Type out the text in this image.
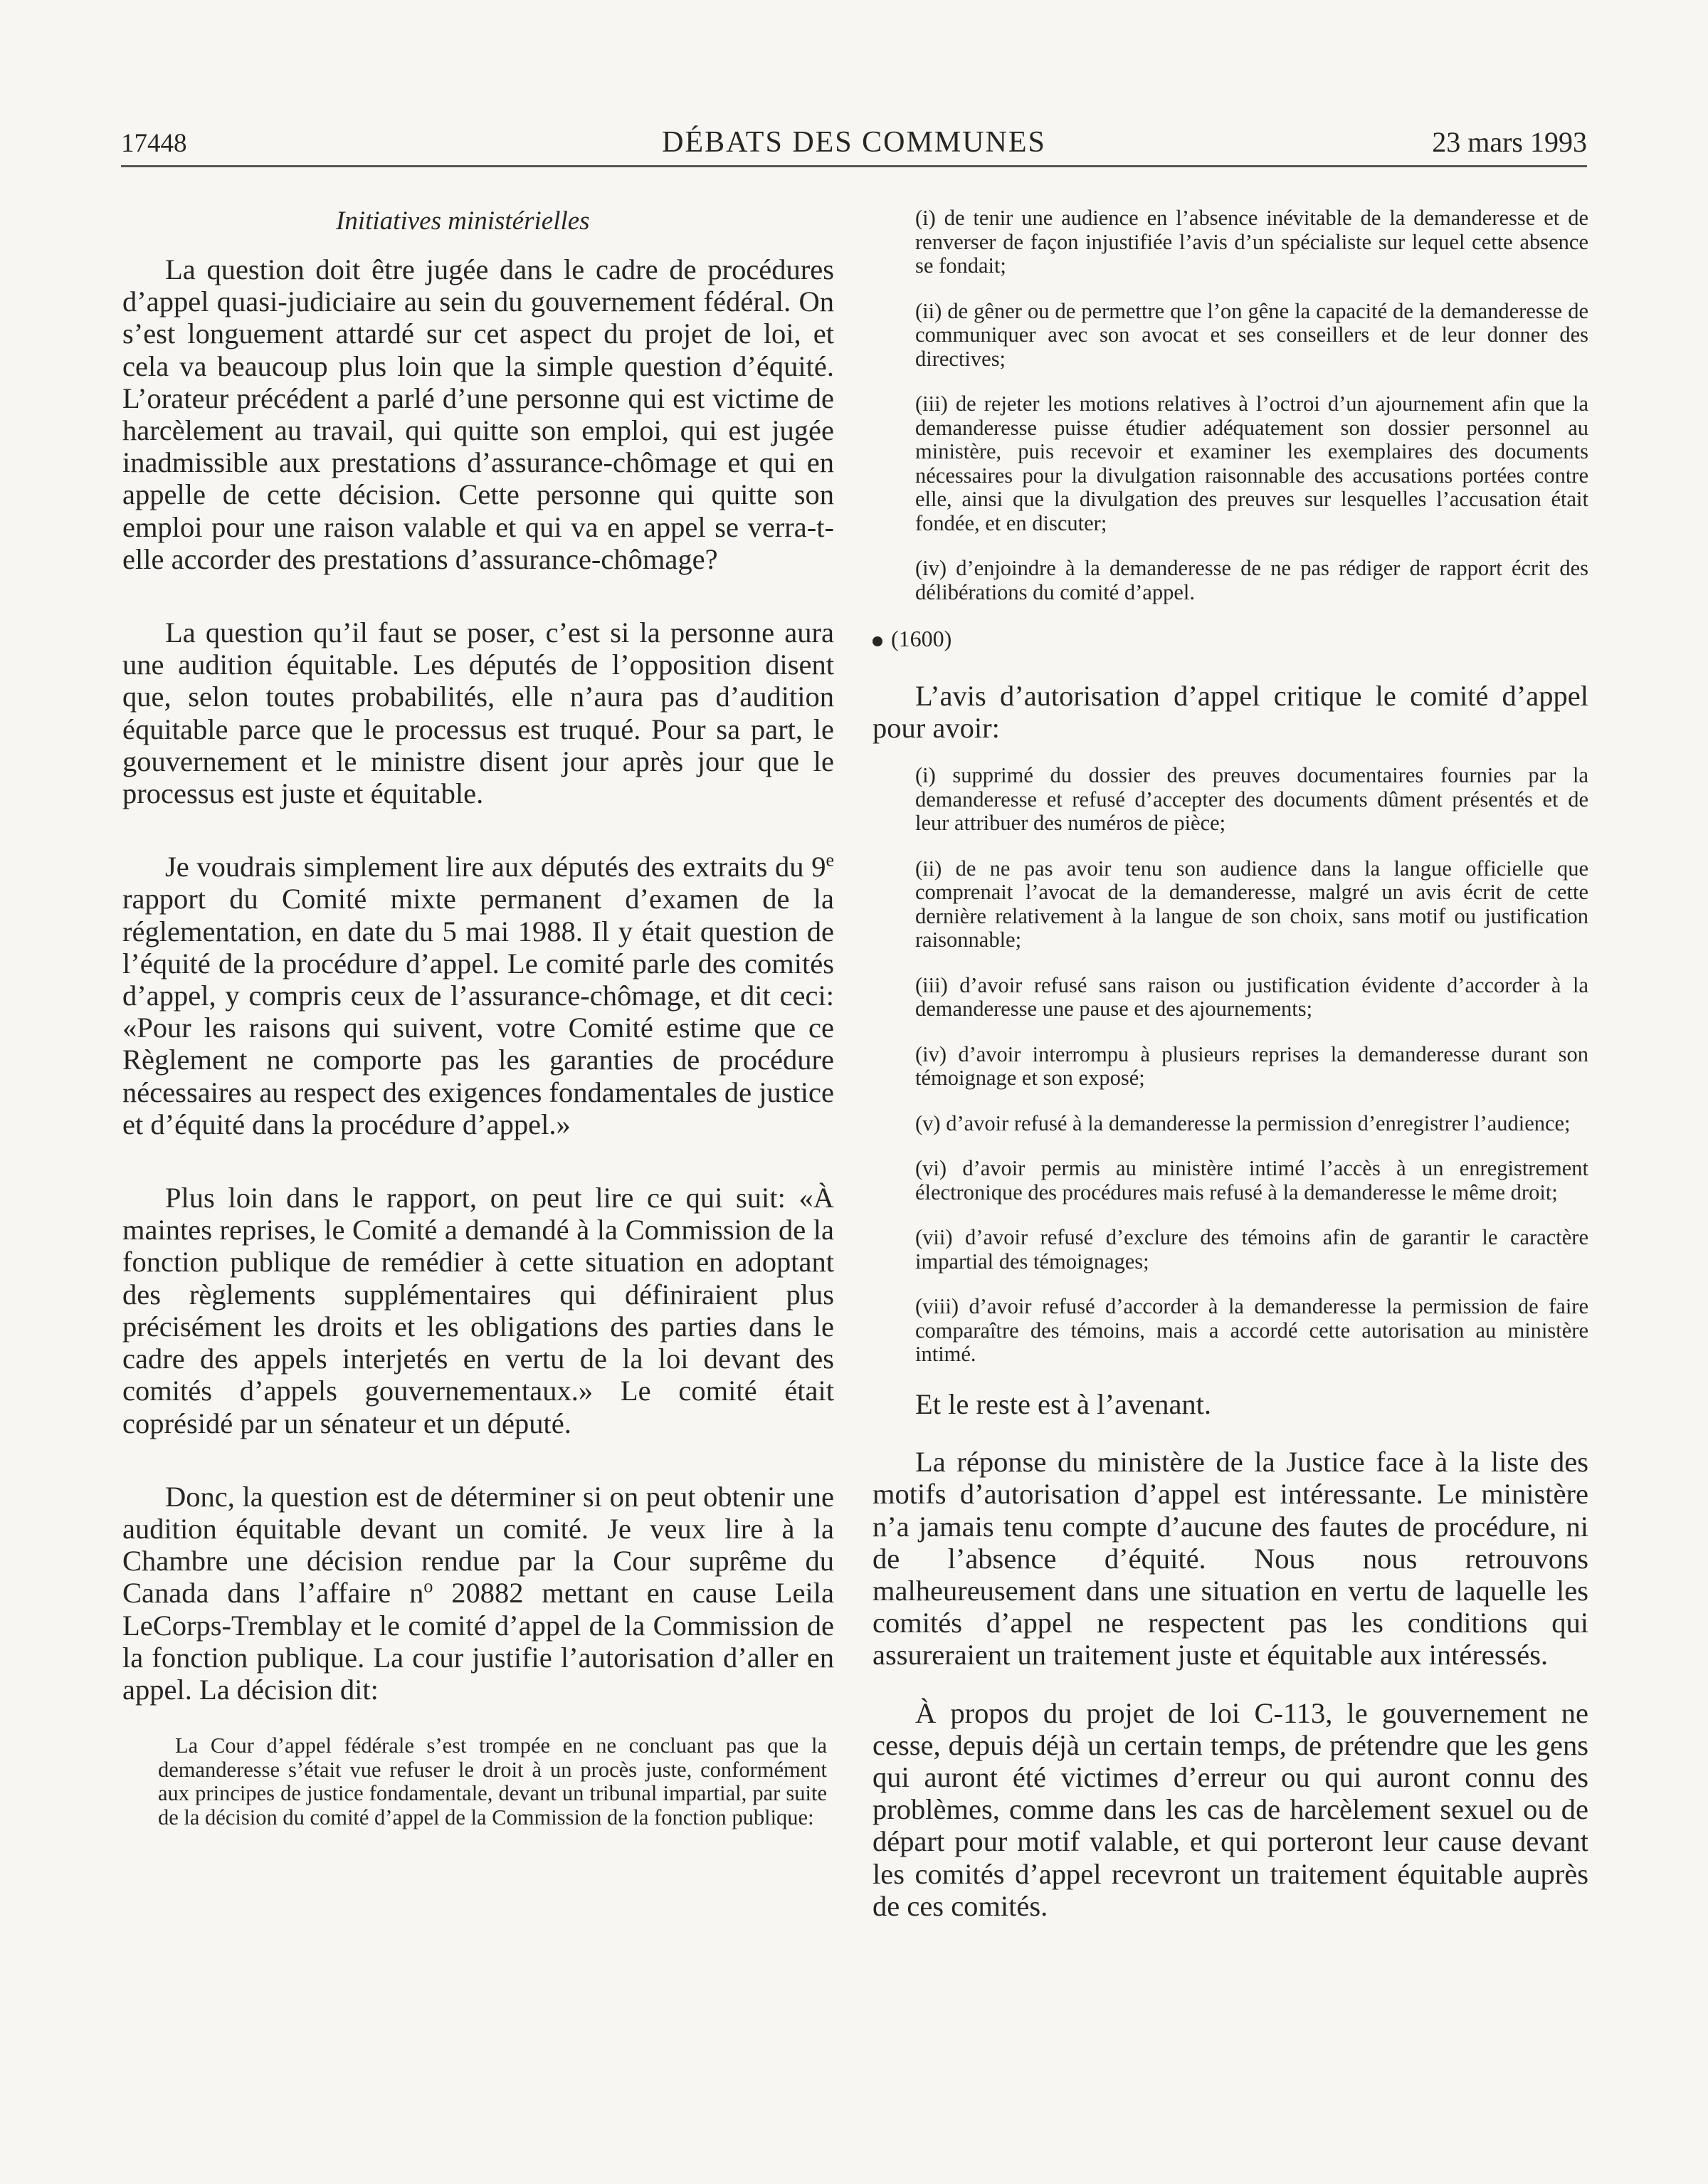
17448	DÉBATS DES COMMUNES	23 mars 1993
Initiatives ministérielles

La question doit être jugée dans le cadre de procédures d’appel quasi-judiciaire au sein du gouvernement fédéral. On s’est longuement attardé sur cet aspect du projet de loi, et cela va beaucoup plus loin que la simple question d’équité. L’orateur précédent a parlé d’une personne qui est victime de harcèlement au travail, qui quitte son emploi, qui est jugée inadmissible aux prestations d’assurance-chômage et qui en appelle de cette décision. Cette personne qui quitte son emploi pour une raison valable et qui va en appel se verra-t-elle accorder des prestations d’assurance-chômage?

La question qu’il faut se poser, c’est si la personne aura une audition équitable. Les députés de l’opposition disent que, selon toutes probabilités, elle n’aura pas d’audition équitable parce que le processus est truqué. Pour sa part, le gouvernement et le ministre disent jour après jour que le processus est juste et équitable.

Je voudrais simplement lire aux députés des extraits du 9e rapport du Comité mixte permanent d’examen de la réglementation, en date du 5 mai 1988. Il y était question de l’équité de la procédure d’appel. Le comité parle des comités d’appel, y compris ceux de l’assurance-chômage, et dit ceci: «Pour les raisons qui suivent, votre Comité estime que ce Règlement ne comporte pas les garanties de procédure nécessaires au respect des exigences fondamentales de justice et d’équité dans la procédure d’appel.»

Plus loin dans le rapport, on peut lire ce qui suit: «À maintes reprises, le Comité a demandé à la Commission de la fonction publique de remédier à cette situation en adoptant des règlements supplémentaires qui définiraient plus précisément les droits et les obligations des parties dans le cadre des appels interjetés en vertu de la loi devant des comités d’appels gouvernementaux.» Le comité était coprésidé par un sénateur et un député.

Donc, la question est de déterminer si on peut obtenir une audition équitable devant un comité. Je veux lire à la Chambre une décision rendue par la Cour suprême du Canada dans l’affaire $n^o$ 20882 mettant en cause Leila LeCorps-Tremblay et le comité d’appel de la Commission de la fonction publique. La cour justifie l’autorisation d’aller en appel. La décision dit:

La Cour d’appel fédérale s’est trompée en ne concluant pas que la demanderesse s’était vue refuser le droit à un procès juste, conformément aux principes de justice fondamentale, devant un tribunal impartial, par suite de la décision du comité d’appel de la Commission de la fonction publique:

(i) de tenir une audience en l’absence inévitable de la demanderesse et de renverser de façon injustifiée l’avis d’un spécialiste sur lequel cette absence se fondait;

(ii) de gêner ou de permettre que l’on gêne la capacité de la demanderesse de communiquer avec son avocat et ses conseillers et de leur donner des directives;

(iii) de rejeter les motions relatives à l’octroi d’un ajournement afin que la demanderesse puisse étudier adéquatement son dossier personnel au ministère, puis recevoir et examiner les exemplaires des documents nécessaires pour la divulgation raisonnable des accusations portées contre elle, ainsi que la divulgation des preuves sur lesquelles l’accusation était fondée, et en discuter;

(iv) d’enjoindre à la demanderesse de ne pas rédiger de rapport écrit des délibérations du comité d’appel.

(1600)

L’avis d’autorisation d’appel critique le comité d’appel pour avoir:

(i) supprimé du dossier des preuves documentaires fournies par la demanderesse et refusé d’accepter des documents dûment présentés et de leur attribuer des numéros de pièce;

(ii) de ne pas avoir tenu son audience dans la langue officielle que comprenait l’avocat de la demanderesse, malgré un avis écrit de cette dernière relativement à la langue de son choix, sans motif ou justification raisonnable;

(iii) d’avoir refusé sans raison ou justification évidente d’accorder à la demanderesse une pause et des ajournements;

(iv) d’avoir interrompu à plusieurs reprises la demanderesse durant son témoignage et son exposé;

(v) d’avoir refusé à la demanderesse la permission d’enregistrer l’audience;

(vi) d’avoir permis au ministère intimé l’accès à un enregistrement électronique des procédures mais refusé à la demanderesse le même droit;

(vii) d’avoir refusé d’exclure des témoins afin de garantir le caractère impartial des témoignages;

(viii) d’avoir refusé d’accorder à la demanderesse la permission de faire comparaître des témoins, mais a accordé cette autorisation au ministère intimé.

Et le reste est à l’avenant.

La réponse du ministère de la Justice face à la liste des motifs d’autorisation d’appel est intéressante. Le ministère n’a jamais tenu compte d’aucune des fautes de procédure, ni de l’absence d’équité. Nous nous retrouvons malheureusement dans une situation en vertu de laquelle les comités d’appel ne respectent pas les conditions qui assureraient un traitement juste et équitable aux intéressés.

À propos du projet de loi C-113, le gouvernement ne cesse, depuis déjà un certain temps, de prétendre que les gens qui auront été victimes d’erreur ou qui auront connu des problèmes, comme dans les cas de harcèlement sexuel ou de départ pour motif valable, et qui porteront leur cause devant les comités d’appel recevront un traitement équitable auprès de ces comités.
